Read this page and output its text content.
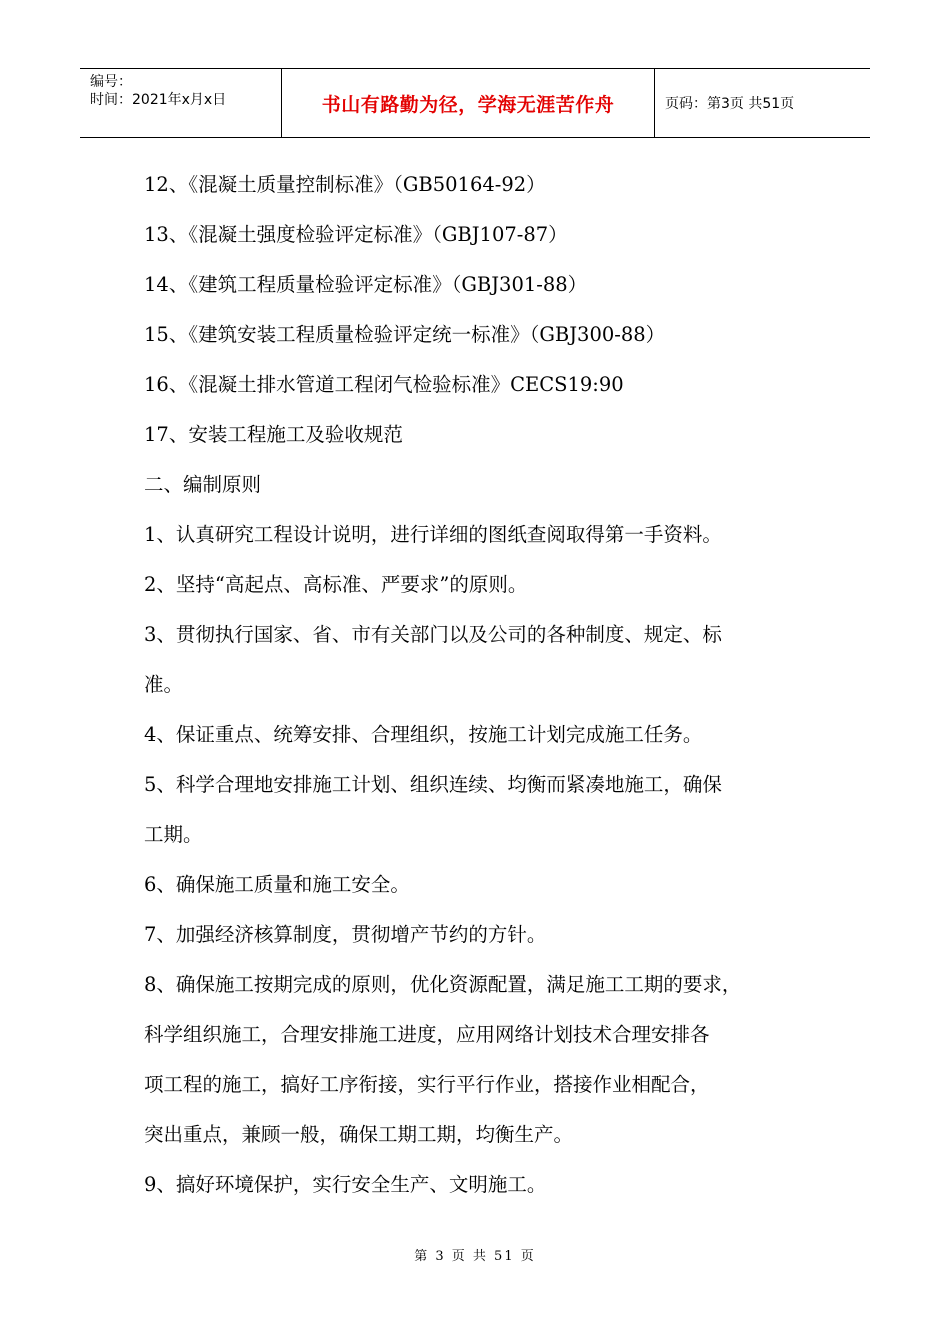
编号：
时间：2021年x月x日	书山有路勤为径，学海无涯苦作舟	页码：第3页 共51页
12、《混凝土质量控制标准》（GB50164-92）
13、《混凝土强度检验评定标准》（GBJ107-87）
14、《建筑工程质量检验评定标准》（GBJ301-88）
15、《建筑安装工程质量检验评定统一标准》（GBJ300-88）
16、《混凝土排水管道工程闭气检验标准》CECS19:90
17、安装工程施工及验收规范
二、编制原则
1、认真研究工程设计说明，进行详细的图纸查阅取得第一手资料。
2、坚持“高起点、高标准、严要求”的原则。
3、贯彻执行国家、省、市有关部门以及公司的各种制度、规定、标
准。
4、保证重点、统筹安排、合理组织，按施工计划完成施工任务。
5、科学合理地安排施工计划、组织连续、均衡而紧凑地施工，确保
工期。
6、确保施工质量和施工安全。
7、加强经济核算制度，贯彻增产节约的方针。
8、确保施工按期完成的原则，优化资源配置，满足施工工期的要求，
科学组织施工，合理安排施工进度，应用网络计划技术合理安排各
项工程的施工，搞好工序衔接，实行平行作业，搭接作业相配合，
突出重点，兼顾一般，确保工期工期，均衡生产。
9、搞好环境保护，实行安全生产、文明施工。
第 3 页 共 51 页
